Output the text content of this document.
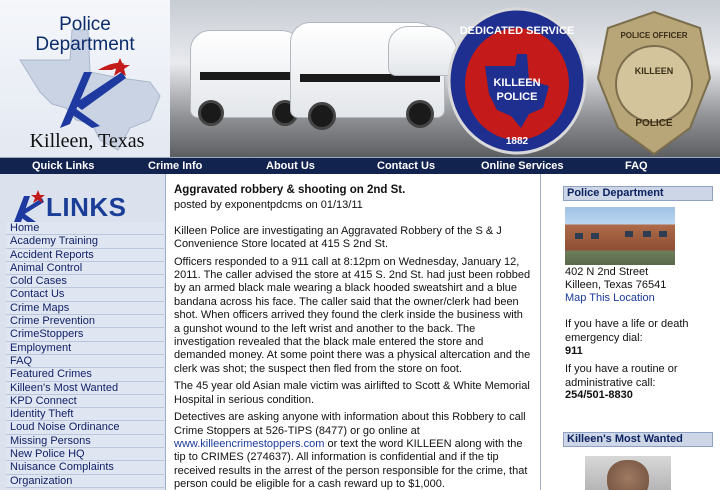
Police
Department
Killeen, Texas
DEDICATED SERVICE
KILLEEN
POLICE
1882
POLICE OFFICER
KILLEEN
POLICE
Quick Links	Crime Info	About Us	Contact Us	Online Services	FAQ
LINKS
Home
Academy Training
Accident Reports
Animal Control
Cold Cases
Contact Us
Crime Maps
Crime Prevention
CrimeStoppers
Employment
FAQ
Featured Crimes
Killeen's Most Wanted
KPD Connect
Identity Theft
Loud Noise Ordinance
Missing Persons
New Police HQ
Nuisance Complaints
Organization
Aggravated robbery & shooting on 2nd St.
posted by exponentpdcms on 01/13/11

Killeen Police are investigating an Aggravated Robbery of the S & J Convenience Store located at 415 S 2nd St.

Officers responded to a 911 call at 8:12pm on Wednesday, January 12, 2011. The caller advised the store at 415 S. 2nd St. had just been robbed by an armed black male wearing a black hooded sweatshirt and a blue bandana across his face. The caller said that the owner/clerk had been shot. When officers arrived they found the clerk inside the business with a gunshot wound to the left wrist and another to the back. The investigation revealed that the black male entered the store and demanded money. At some point there was a physical altercation and the clerk was shot; the suspect then fled from the store on foot.

The 45 year old Asian male victim was airlifted to Scott & White Memorial Hospital in serious condition.

Detectives are asking anyone with information about this Robbery to call Crime Stoppers at 526-TIPS (8477) or go online at www.killeencrimestoppers.com or text the word KILLEEN along with the tip to CRIMES (274637). All information is confidential and if the tip received results in the arrest of the person responsible for the crime, that person could be eligible for a cash reward up to $1,000.

Police Department
402 N 2nd Street
Killeen, Texas 76541
Map This Location
If you have a life or death emergency dial:
911
If you have a routine or administrative call:
254/501-8830
Killeen's Most Wanted
